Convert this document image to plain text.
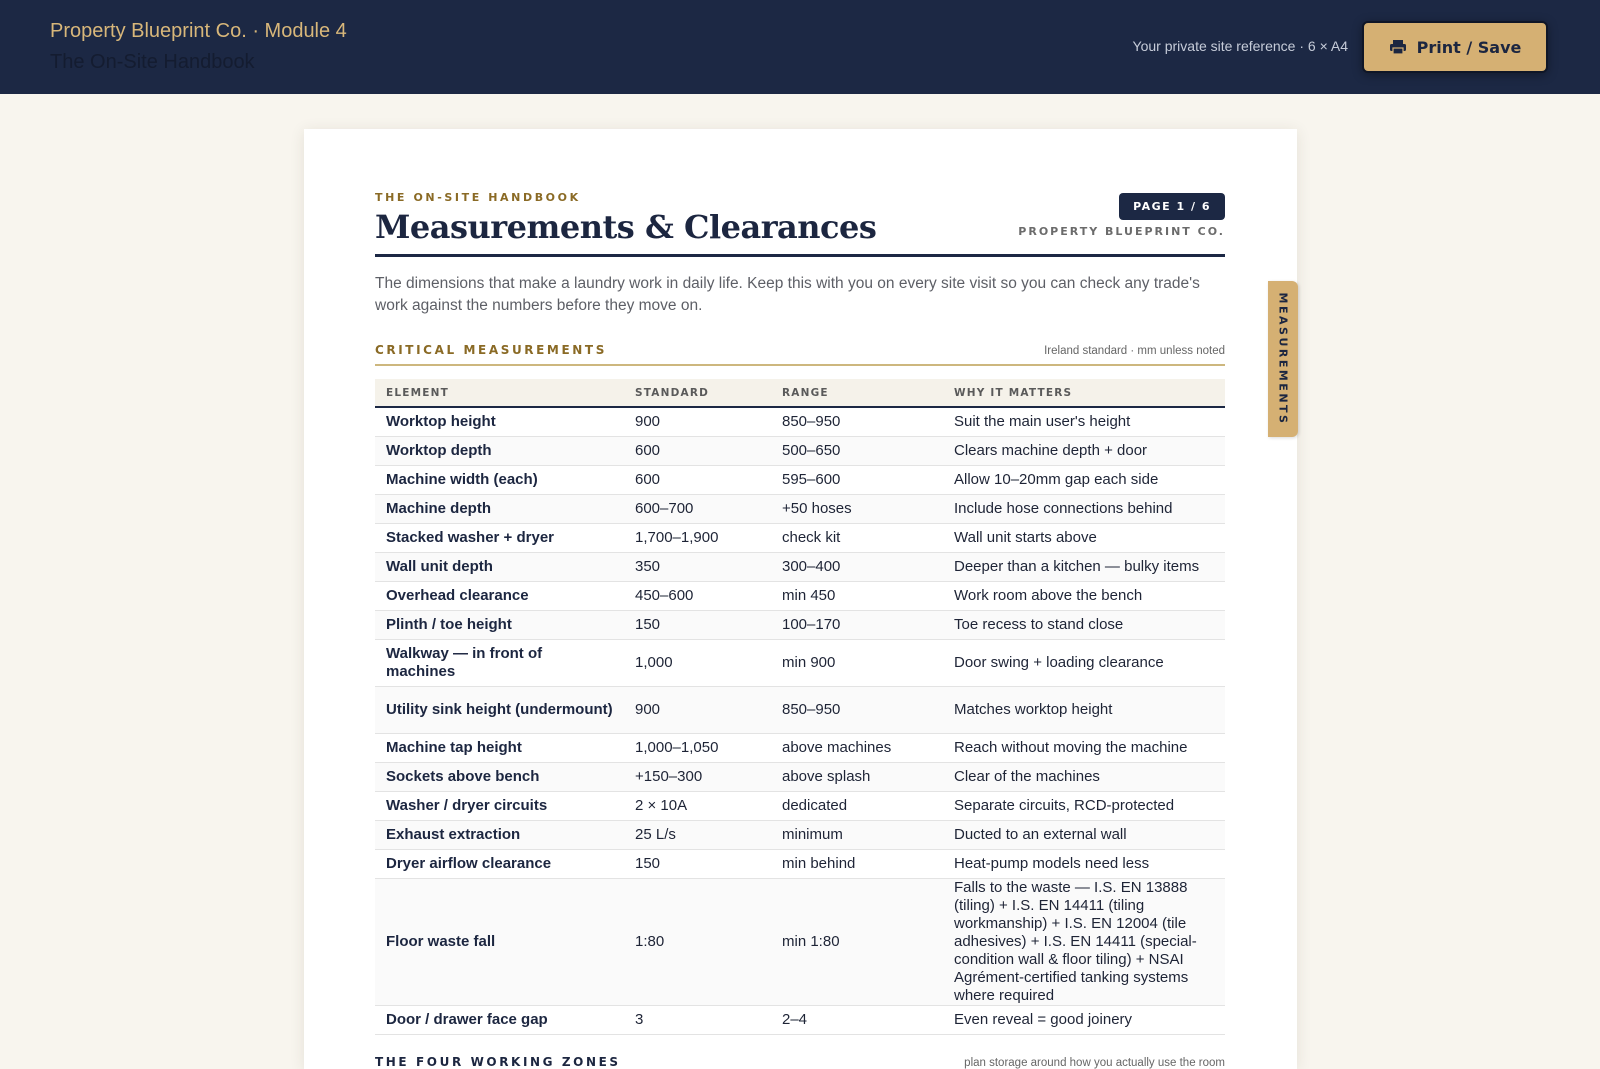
Property Blueprint Co. · Module 4
The On-Site Handbook
Your private site reference · 6 × A4	Print / Save
THE ON-SITE HANDBOOK
Measurements & Clearances
PAGE 1 / 6
PROPERTY BLUEPRINT CO.
The dimensions that make a laundry work in daily life. Keep this with you on every site visit so you can check any trade's work against the numbers before they move on.
CRITICAL MEASUREMENTS	Ireland standard · mm unless noted
ELEMENT	STANDARD	RANGE	WHY IT MATTERS
Worktop height	900	850–950	Suit the main user's height
Worktop depth	600	500–650	Clears machine depth + door
Machine width (each)	600	595–600	Allow 10–20mm gap each side
Machine depth	600–700	+50 hoses	Include hose connections behind
Stacked washer + dryer	1,700–1,900	check kit	Wall unit starts above
Wall unit depth	350	300–400	Deeper than a kitchen — bulky items
Overhead clearance	450–600	min 450	Work room above the bench
Plinth / toe height	150	100–170	Toe recess to stand close
Walkway — in front of machines	1,000	min 900	Door swing + loading clearance
Utility sink height (undermount)	900	850–950	Matches worktop height
Machine tap height	1,000–1,050	above machines	Reach without moving the machine
Sockets above bench	+150–300	above splash	Clear of the machines
Washer / dryer circuits	2 × 10A	dedicated	Separate circuits, RCD-protected
Exhaust extraction	25 L/s	minimum	Ducted to an external wall
Dryer airflow clearance	150	min behind	Heat-pump models need less
Floor waste fall	1:80	min 1:80	Falls to the waste — I.S. EN 13888 (tiling) + I.S. EN 14411 (tiling workmanship) + I.S. EN 12004 (tile adhesives) + I.S. EN 14411 (special-condition wall & floor tiling) + NSAI Agrément-certified tanking systems where required
Door / drawer face gap	3	2–4	Even reveal = good joinery
THE FOUR WORKING ZONES	plan storage around how you actually use the room
MEASUREMENTS
